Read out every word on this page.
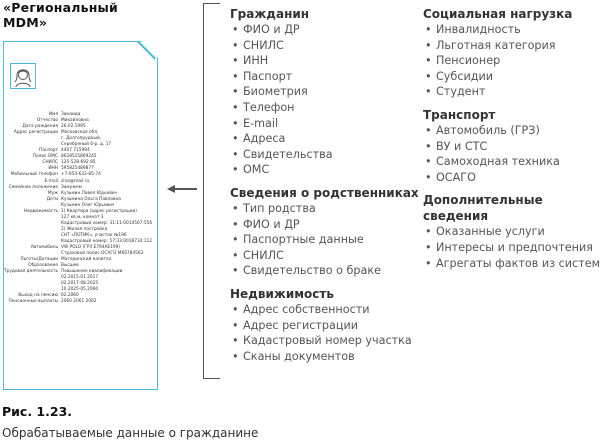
«Региональный
MDM»
Имя Зинаида
Отчество Михайловна
Дата рождения 26.02.1995
Адрес регистрации Московская обл,
г. Долгопрудный,
Серебряный б-р, д. 17
Паспорт 4407 715994
Полис ОМС 8628515869245
СНИЛС 125-528-692 85
ИНН 595825489877
Мобильный телефон +7-954-632-85-74
E-mail zina@mail.ru
Семейное положение Замужем
Муж Кузьмин Павел Юрьевич
Дети Кузьмина Ольга Павловна
Кузьмин Олег Юрьевич
Недвижимость 1) Квартира (адрес регистрации)
127 кв.м, комнат 3
Кадастровый номер: 31:11:0014567:556
2) Жилая постройка
СНТ «ПОТИК», участок №196
Кадастровый номер: 57:33:0018732:112
Автомобиль VW POLO (ГРЗ Е794АЕ199)
Страховой полис ОСАГО М66784563
Льготы/Дотации Материнский капитал
Образование Высшее
Трудовая деятельность Повышение квалификации
02.2015-01.2017
02.2017-08.2025
10.2025-05.2060
Выход на пенсию 02.2060
Пенсионные выплаты 2060 2061 2062
Гражданин
• ФИО и ДР
• СНИЛС
• ИНН
• Паспорт
• Биометрия
• Телефон
• E-mail
• Адреса
• Свидетельства
• ОМС
Сведения о родственниках
• Тип родства
• ФИО и ДР
• Паспортные данные
• СНИЛС
• Свидетельство о браке
Недвижимость
• Адрес собственности
• Адрес регистрации
• Кадастровый номер участка
• Сканы документов
Социальная нагрузка
• Инвалидность
• Льготная категория
• Пенсионер
• Субсидии
• Студент
Транспорт
• Автомобиль (ГРЗ)
• ВУ и СТС
• Самоходная техника
• ОСАГО
Дополнительные
сведения
• Оказанные услуги
• Интересы и предпочтения
• Агрегаты фактов из систем
Рис. 1.23.
Обрабатываемые данные о гражданине
